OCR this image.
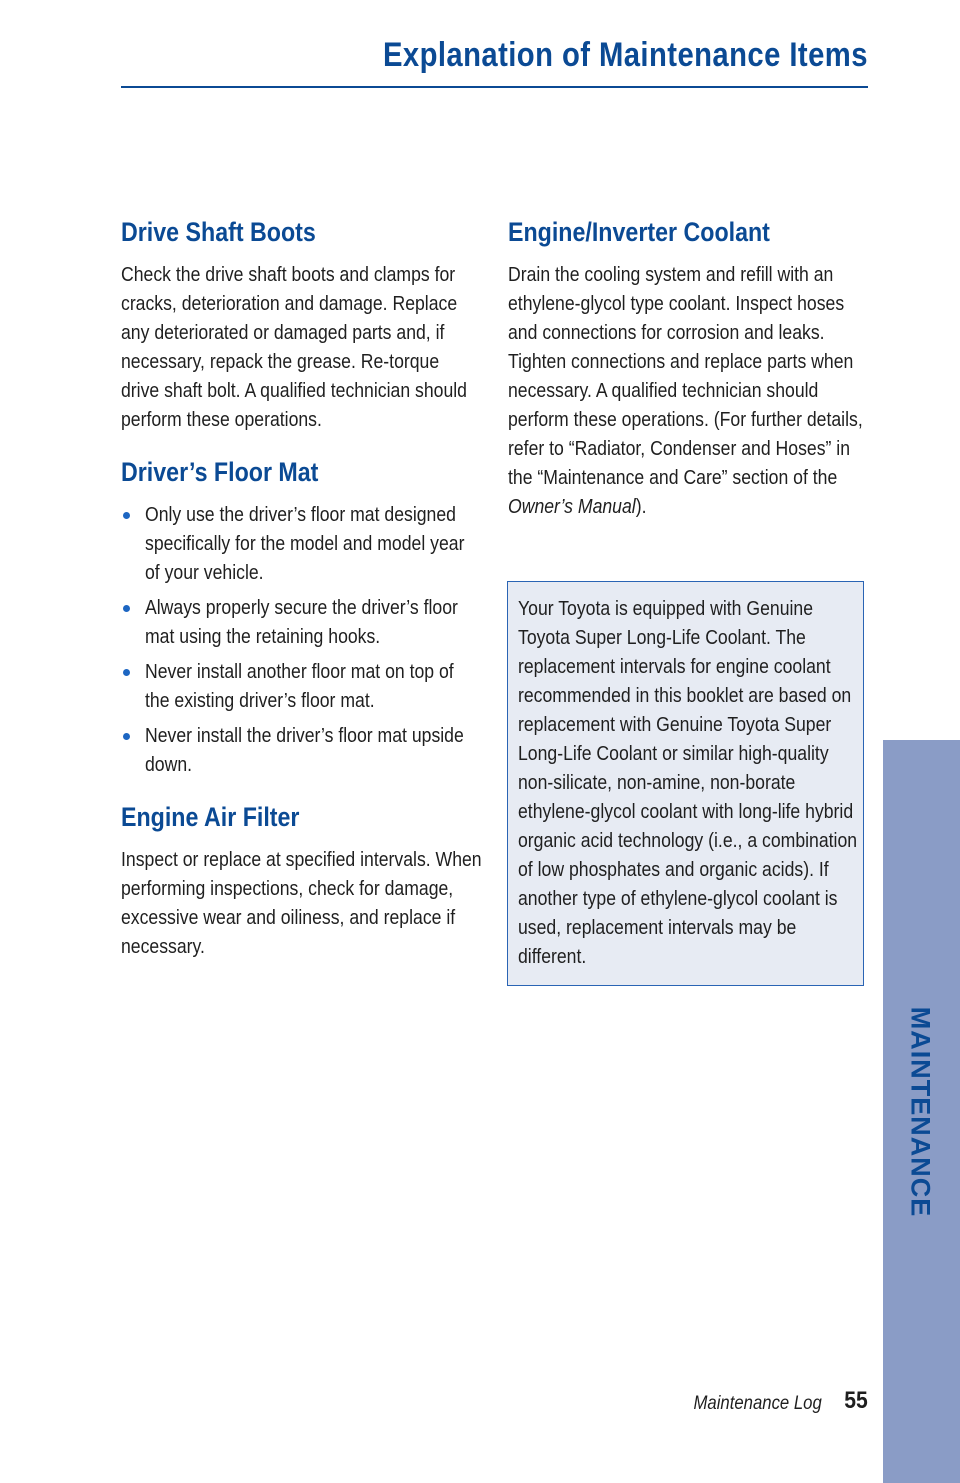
Explanation of Maintenance Items
Drive Shaft Boots

Check the drive shaft boots and clamps for cracks, deterioration and damage. Replace any deteriorated or damaged parts and, if necessary, repack the grease. Re-torque drive shaft bolt. A qualified technician should perform these operations.

Driver’s Floor Mat
Only use the driver’s floor mat designed specifically for the model and model year of your vehicle.
Always properly secure the driver’s floor mat using the retaining hooks.
Never install another floor mat on top of the existing driver’s floor mat.
Never install the driver’s floor mat upside down.
Engine Air Filter

Inspect or replace at specified intervals. When performing inspections, check for damage, excessive wear and oiliness, and replace if necessary.

Engine/Inverter Coolant

Drain the cooling system and refill with an ethylene-glycol type coolant. Inspect hoses and connections for corrosion and leaks. Tighten connections and replace parts when necessary. A qualified technician should perform these operations. (For further details, refer to “Radiator, Condenser and Hoses” in the “Maintenance and Care” section of the Owner’s Manual).

Your Toyota is equipped with Genuine Toyota Super Long-Life Coolant. The replacement intervals for engine coolant recommended in this booklet are based on replacement with Genuine Toyota Super Long-Life Coolant or similar high-quality non-silicate, non-amine, non-borate ethylene-glycol coolant with long-life hybrid organic acid technology (i.e., a combination of low phosphates and organic acids). If another type of ethylene-glycol coolant is used, replacement intervals may be different.

MAINTENANCE
Maintenance Log 55
